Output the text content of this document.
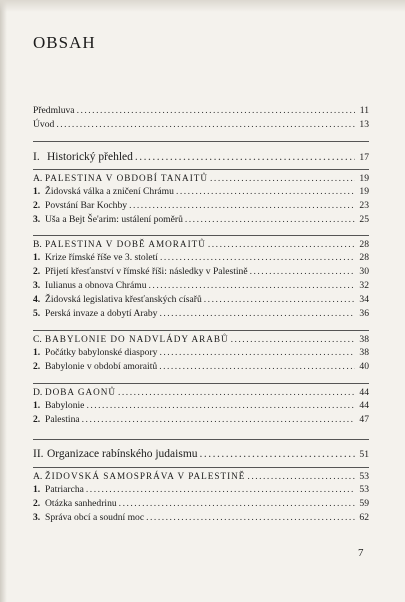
OBSAH
Předmluva .....	11
Úvod .....	13
I. Historický přehled .....	17
A. PALESTINA V OBDOBÍ TANAITŮ .....	19
1. Židovská válka a zničení Chrámu .....	19
2. Povstání Bar Kochby .....	23
3. Uša a Bejt Še'arim: ustálení poměrů .....	25
B. PALESTINA V DOBĚ AMORAITŮ .....	28
1. Krize římské říše ve 3. století .....	28
2. Přijetí křesťanství v římské říši: následky v Palestině .....	30
3. Iulianus a obnova Chrámu .....	32
4. Židovská legislativa křesťanských císařů .....	34
5. Perská invaze a dobytí Araby .....	36
C. BABYLONIE DO NADVLÁDY ARABŮ .....	38
1. Počátky babylonské diaspory .....	38
2. Babylonie v období amoraitů .....	40
D. DOBA GAONŮ .....	44
1. Babylonie .....	44
2. Palestina .....	47
II. Organizace rabínského judaismu .....	51
A. ŽIDOVSKÁ SAMOSPRÁVA V PALESTINĚ .....	53
1. Patriarcha .....	53
2. Otázka sanhedrinu .....	59
3. Správa obcí a soudní moc .....	62
7
